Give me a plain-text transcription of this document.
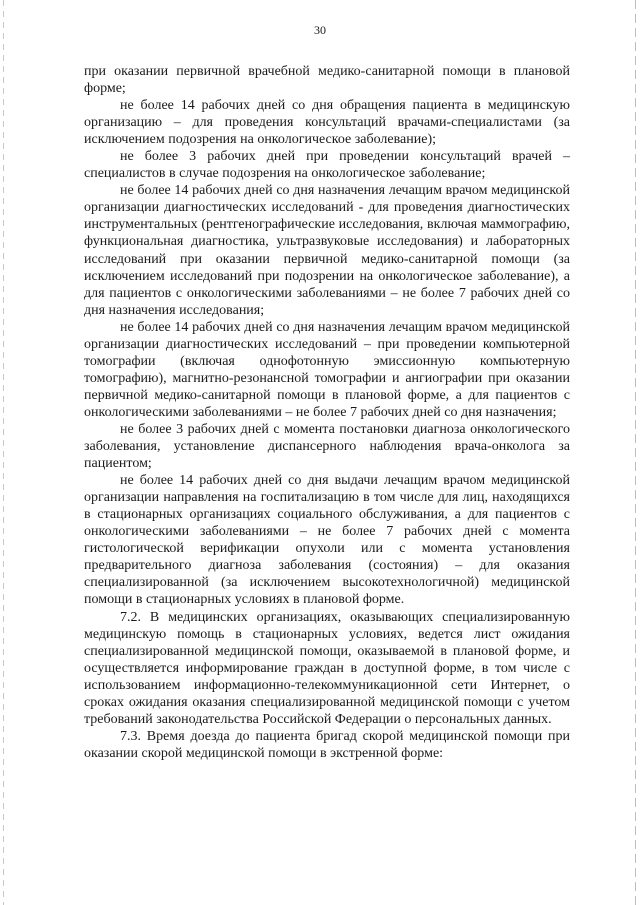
30

при оказании первичной врачебной медико-санитарной помощи в плановой форме;

не более 14 рабочих дней со дня обращения пациента в медицинскую организацию – для проведения консультаций врачами-специалистами (за исключением подозрения на онкологическое заболевание);

не более 3 рабочих дней при проведении консультаций врачей – специалистов в случае подозрения на онкологическое заболевание;

не более 14 рабочих дней со дня назначения лечащим врачом медицинской организации диагностических исследований - для проведения диагностических инструментальных (рентгенографические исследования, включая маммографию, функциональная диагностика, ультразвуковые исследования) и лабораторных исследований при оказании первичной медико-санитарной помощи (за исключением исследований при подозрении на онкологическое заболевание), а для пациентов с онкологическими заболеваниями – не более 7 рабочих дней со дня назначения исследования;

не более 14 рабочих дней со дня назначения лечащим врачом медицинской организации диагностических исследований – при проведении компьютерной томографии (включая однофотонную эмиссионную компьютерную томографию), магнитно-резонансной томографии и ангиографии при оказании первичной медико-санитарной помощи в плановой форме, а для пациентов с онкологическими заболеваниями – не более 7 рабочих дней со дня назначения;

не более 3 рабочих дней с момента постановки диагноза онкологического заболевания, установление диспансерного наблюдения врача-онколога за пациентом;

не более 14 рабочих дней со дня выдачи лечащим врачом медицинской организации направления на госпитализацию в том числе для лиц, находящихся в стационарных организациях социального обслуживания, а для пациентов с онкологическими заболеваниями – не более 7 рабочих дней с момента гистологической верификации опухоли или с момента установления предварительного диагноза заболевания (состояния) – для оказания специализированной (за исключением высокотехнологичной) медицинской помощи в стационарных условиях в плановой форме.

7.2. В медицинских организациях, оказывающих специализированную медицинскую помощь в стационарных условиях, ведется лист ожидания специализированной медицинской помощи, оказываемой в плановой форме, и осуществляется информирование граждан в доступной форме, в том числе с использованием информационно-телекоммуникационной сети Интернет, о сроках ожидания оказания специализированной медицинской помощи с учетом требований законодательства Российской Федерации о персональных данных.

7.3. Время доезда до пациента бригад скорой медицинской помощи при оказании скорой медицинской помощи в экстренной форме:
